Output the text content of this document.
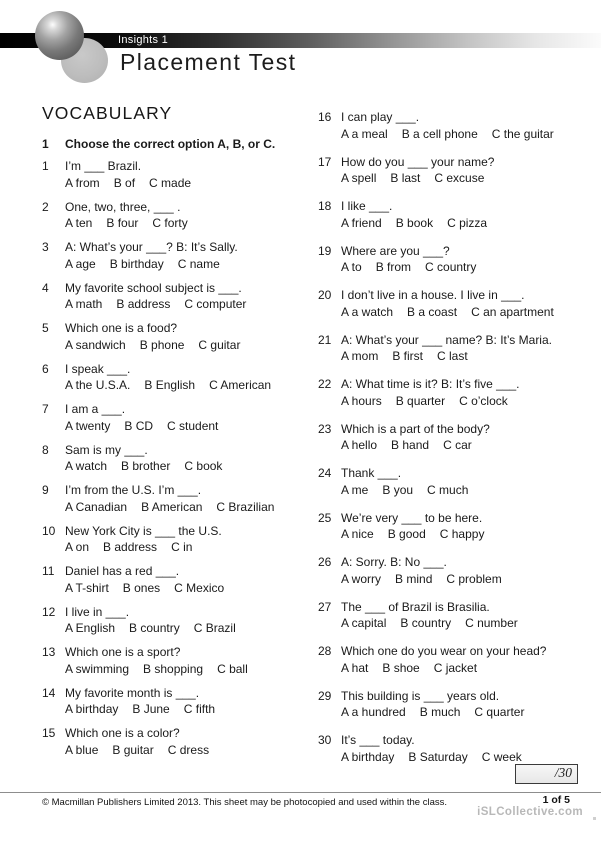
Insights 1
Placement Test
VOCABULARY
1	Choose the correct option A, B, or C.
1	I’m ___ Brazil.
A from B of C made
2	One, two, three, ___ .
A ten B four C forty
3	A: What’s your ___? B: It’s Sally.
A age B birthday C name
4	My favorite school subject is ___.
A math B address C computer
5	Which one is a food?
A sandwich B phone C guitar
6	I speak ___.
A the U.S.A. B English C American
7	I am a ___.
A twenty B CD C student
8	Sam is my ___.
A watch B brother C book
9	I’m from the U.S. I’m ___.
A Canadian B American C Brazilian
10 New York City is ___ the U.S.
A on B address C in
11 Daniel has a red ___.
A T-shirt B ones C Mexico
12 I live in ___.
A English B country C Brazil
13 Which one is a sport?
A swimming B shopping C ball
14 My favorite month is ___.
A birthday B June C fifth
15 Which one is a color?
A blue B guitar C dress
16 I can play ___.
A a meal B a cell phone C the guitar
17 How do you ___ your name?
A spell B last C excuse
18 I like ___.
A friend B book C pizza
19 Where are you ___?
A to B from C country
20 I don’t live in a house. I live in ___.
A a watch B a coast C an apartment
21 A: What’s your ___ name? B: It’s Maria.
A mom B first C last
22 A: What time is it? B: It’s five ___.
A hours B quarter C o’clock
23 Which is a part of the body?
A hello B hand C car
24 Thank ___.
A me B you C much
25 We’re very ___ to be here.
A nice B good C happy
26 A: Sorry. B: No ___.
A worry B mind C problem
27 The ___ of Brazil is Brasilia.
A capital B country C number
28 Which one do you wear on your head?
A hat B shoe C jacket
29 This building is ___ years old.
A a hundred B much C quarter
30 It’s ___ today.
A birthday B Saturday C week
/30
© Macmillan Publishers Limited 2013. This sheet may be photocopied and used within the class.	1 of 5
iSLCollective.com
